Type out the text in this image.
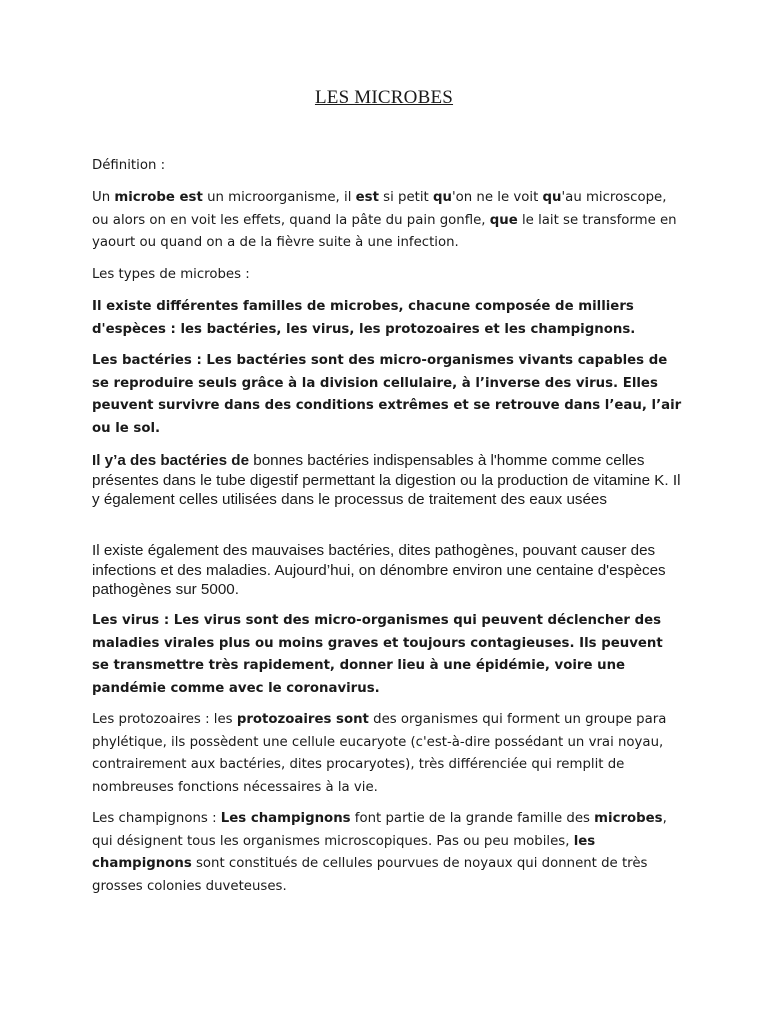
LES MICROBES

Définition :

Un microbe est un microorganisme, il est si petit qu'on ne le voit qu'au microscope, ou alors on en voit les effets, quand la pâte du pain gonfle, que le lait se transforme en yaourt ou quand on a de la fièvre suite à une infection.

Les types de microbes :

Il existe différentes familles de microbes, chacune composée de milliers d'espèces : les bactéries, les virus, les protozoaires et les champignons.

Les bactéries : Les bactéries sont des micro-organismes vivants capables de se reproduire seuls grâce à la division cellulaire, à l’inverse des virus. Elles peuvent survivre dans des conditions extrêmes et se retrouve dans l’eau, l’air ou le sol.

Il y’a des bactéries de bonnes bactéries indispensables à l'homme comme celles présentes dans le tube digestif permettant la digestion ou la production de vitamine K. Il y également celles utilisées dans le processus de traitement des eaux usées

Il existe également des mauvaises bactéries, dites pathogènes, pouvant causer des infections et des maladies. Aujourd’hui, on dénombre environ une centaine d'espèces pathogènes sur 5000.

Les virus : Les virus sont des micro-organismes qui peuvent déclencher des maladies virales plus ou moins graves et toujours contagieuses. Ils peuvent se transmettre très rapidement, donner lieu à une épidémie, voire une pandémie comme avec le coronavirus.

Les protozoaires : les protozoaires sont des organismes qui forment un groupe para phylétique, ils possèdent une cellule eucaryote (c'est-à-dire possédant un vrai noyau, contrairement aux bactéries, dites procaryotes), très différenciée qui remplit de nombreuses fonctions nécessaires à la vie.

Les champignons : Les champignons font partie de la grande famille des microbes, qui désignent tous les organismes microscopiques. Pas ou peu mobiles, les champignons sont constitués de cellules pourvues de noyaux qui donnent de très grosses colonies duveteuses.
